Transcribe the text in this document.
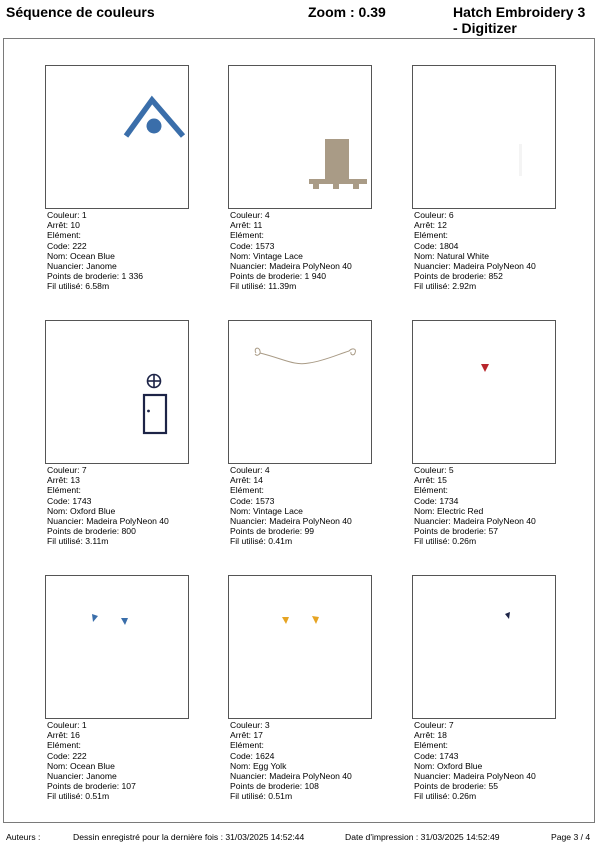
Séquence de couleurs	Zoom : 0.39	Hatch Embroidery 3 - Digitizer
Couleur: 1
Arrêt: 10
Elément:
Code: 222
Nom: Ocean Blue
Nuancier: Janome
Points de broderie: 1 336
Fil utilisé: 6.58m
Couleur: 4
Arrêt: 11
Elément:
Code: 1573
Nom: Vintage Lace
Nuancier: Madeira PolyNeon 40
Points de broderie: 1 940
Fil utilisé: 11.39m
Couleur: 6
Arrêt: 12
Elément:
Code: 1804
Nom: Natural White
Nuancier: Madeira PolyNeon 40
Points de broderie: 852
Fil utilisé: 2.92m
Couleur: 7
Arrêt: 13
Elément:
Code: 1743
Nom: Oxford Blue
Nuancier: Madeira PolyNeon 40
Points de broderie: 800
Fil utilisé: 3.11m
Couleur: 4
Arrêt: 14
Elément:
Code: 1573
Nom: Vintage Lace
Nuancier: Madeira PolyNeon 40
Points de broderie: 99
Fil utilisé: 0.41m
Couleur: 5
Arrêt: 15
Elément:
Code: 1734
Nom: Electric Red
Nuancier: Madeira PolyNeon 40
Points de broderie: 57
Fil utilisé: 0.26m
Couleur: 1
Arrêt: 16
Elément:
Code: 222
Nom: Ocean Blue
Nuancier: Janome
Points de broderie: 107
Fil utilisé: 0.51m
Couleur: 3
Arrêt: 17
Elément:
Code: 1624
Nom: Egg Yolk
Nuancier: Madeira PolyNeon 40
Points de broderie: 108
Fil utilisé: 0.51m
Couleur: 7
Arrêt: 18
Elément:
Code: 1743
Nom: Oxford Blue
Nuancier: Madeira PolyNeon 40
Points de broderie: 55
Fil utilisé: 0.26m
Auteurs :	Dessin enregistré pour la dernière fois : 31/03/2025 14:52:44	Date d'impression : 31/03/2025 14:52:49	Page 3 / 4
